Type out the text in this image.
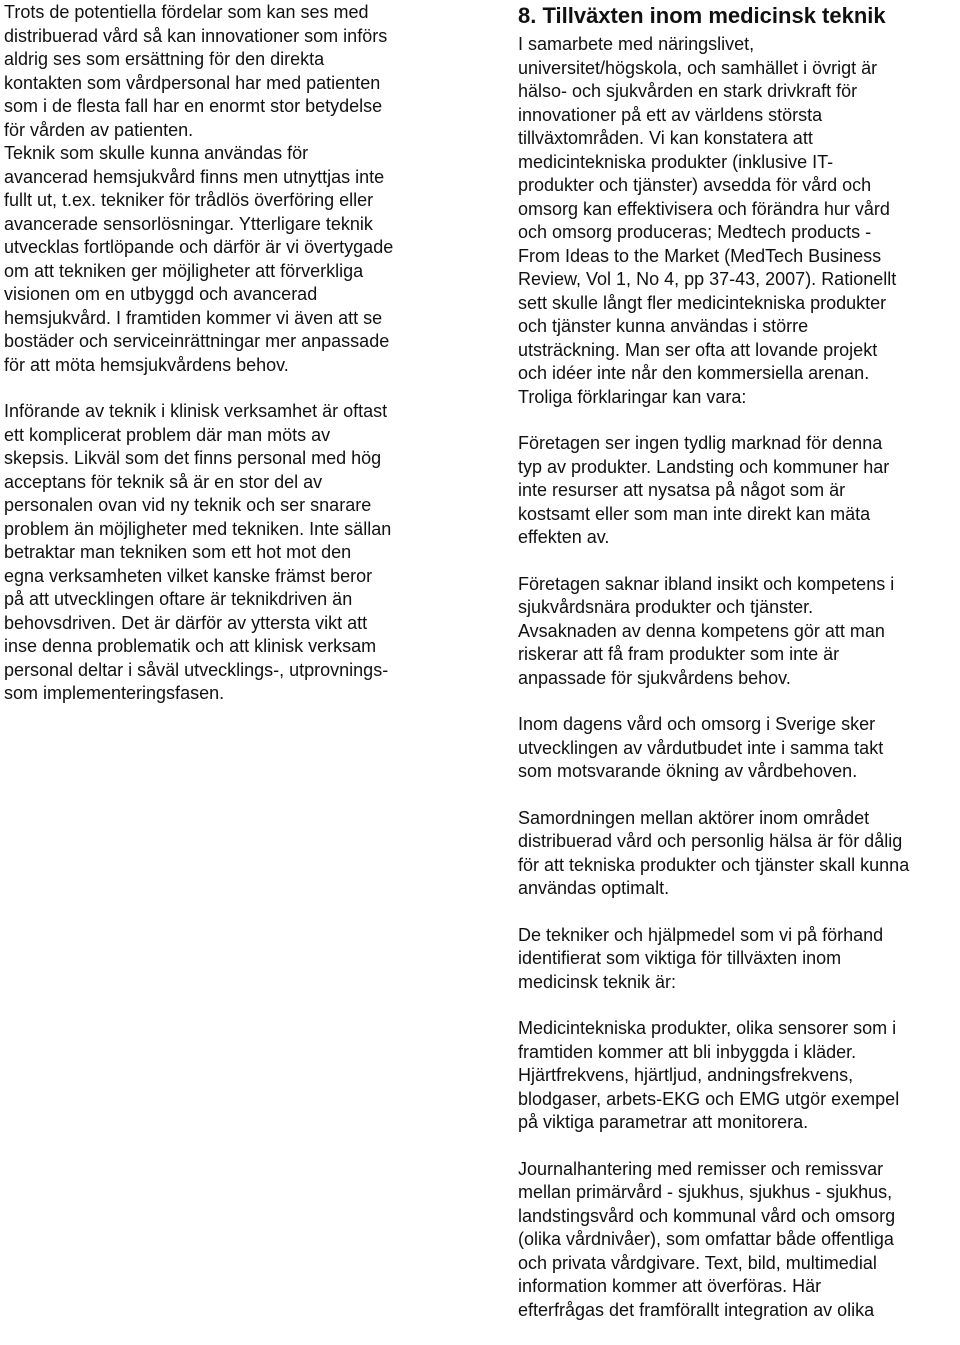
Trots de potentiella fördelar som kan ses med
distribuerad vård så kan innovationer som införs
aldrig ses som ersättning för den direkta
kontakten som vårdpersonal har med patienten
som i de flesta fall har en enormt stor betydelse
för vården av patienten.
Teknik som skulle kunna användas för
avancerad hemsjukvård finns men utnyttjas inte
fullt ut, t.ex. tekniker för trådlös överföring eller
avancerade sensorlösningar. Ytterligare teknik
utvecklas fortlöpande och därför är vi övertygade
om att tekniken ger möjligheter att förverkliga
visionen om en utbyggd och avancerad
hemsjukvård. I framtiden kommer vi även att se
bostäder och serviceinrättningar mer anpassade
för att möta hemsjukvårdens behov.

Införande av teknik i klinisk verksamhet är oftast
ett komplicerat problem där man möts av
skepsis. Likväl som det finns personal med hög
acceptans för teknik så är en stor del av
personalen ovan vid ny teknik och ser snarare
problem än möjligheter med tekniken. Inte sällan
betraktar man tekniken som ett hot mot den
egna verksamheten vilket kanske främst beror
på att utvecklingen oftare är teknikdriven än
behovsdriven. Det är därför av yttersta vikt att
inse denna problematik och att klinisk verksam
personal deltar i såväl utvecklings-, utprovnings-
som implementeringsfasen.

8. Tillväxten inom medicinsk teknik

I samarbete med näringslivet,
universitet/högskola, och samhället i övrigt är
hälso- och sjukvården en stark drivkraft för
innovationer på ett av världens största
tillväxtområden. Vi kan konstatera att
medicintekniska produkter (inklusive IT-
produkter och tjänster) avsedda för vård och
omsorg kan effektivisera och förändra hur vård
och omsorg produceras; Medtech products -
From Ideas to the Market (MedTech Business
Review, Vol 1, No 4, pp 37-43, 2007). Rationellt
sett skulle långt fler medicintekniska produkter
och tjänster kunna användas i större
utsträckning. Man ser ofta att lovande projekt
och idéer inte når den kommersiella arenan.
Troliga förklaringar kan vara:

Företagen ser ingen tydlig marknad för denna
typ av produkter. Landsting och kommuner har
inte resurser att nysatsa på något som är
kostsamt eller som man inte direkt kan mäta
effekten av.

Företagen saknar ibland insikt och kompetens i
sjukvårdsnära produkter och tjänster.
Avsaknaden av denna kompetens gör att man
riskerar att få fram produkter som inte är
anpassade för sjukvårdens behov.

Inom dagens vård och omsorg i Sverige sker
utvecklingen av vårdutbudet inte i samma takt
som motsvarande ökning av vårdbehoven.

Samordningen mellan aktörer inom området
distribuerad vård och personlig hälsa är för dålig
för att tekniska produkter och tjänster skall kunna
användas optimalt.

De tekniker och hjälpmedel som vi på förhand
identifierat som viktiga för tillväxten inom
medicinsk teknik är:

Medicintekniska produkter, olika sensorer som i
framtiden kommer att bli inbyggda i kläder.
Hjärtfrekvens, hjärtljud, andningsfrekvens,
blodgaser, arbets-EKG och EMG utgör exempel
på viktiga parametrar att monitorera.

Journalhantering med remisser och remissvar
mellan primärvård - sjukhus, sjukhus - sjukhus,
landstingsvård och kommunal vård och omsorg
(olika vårdnivåer), som omfattar både offentliga
och privata vårdgivare. Text, bild, multimedial
information kommer att överföras. Här
efterfrågas det framförallt integration av olika
